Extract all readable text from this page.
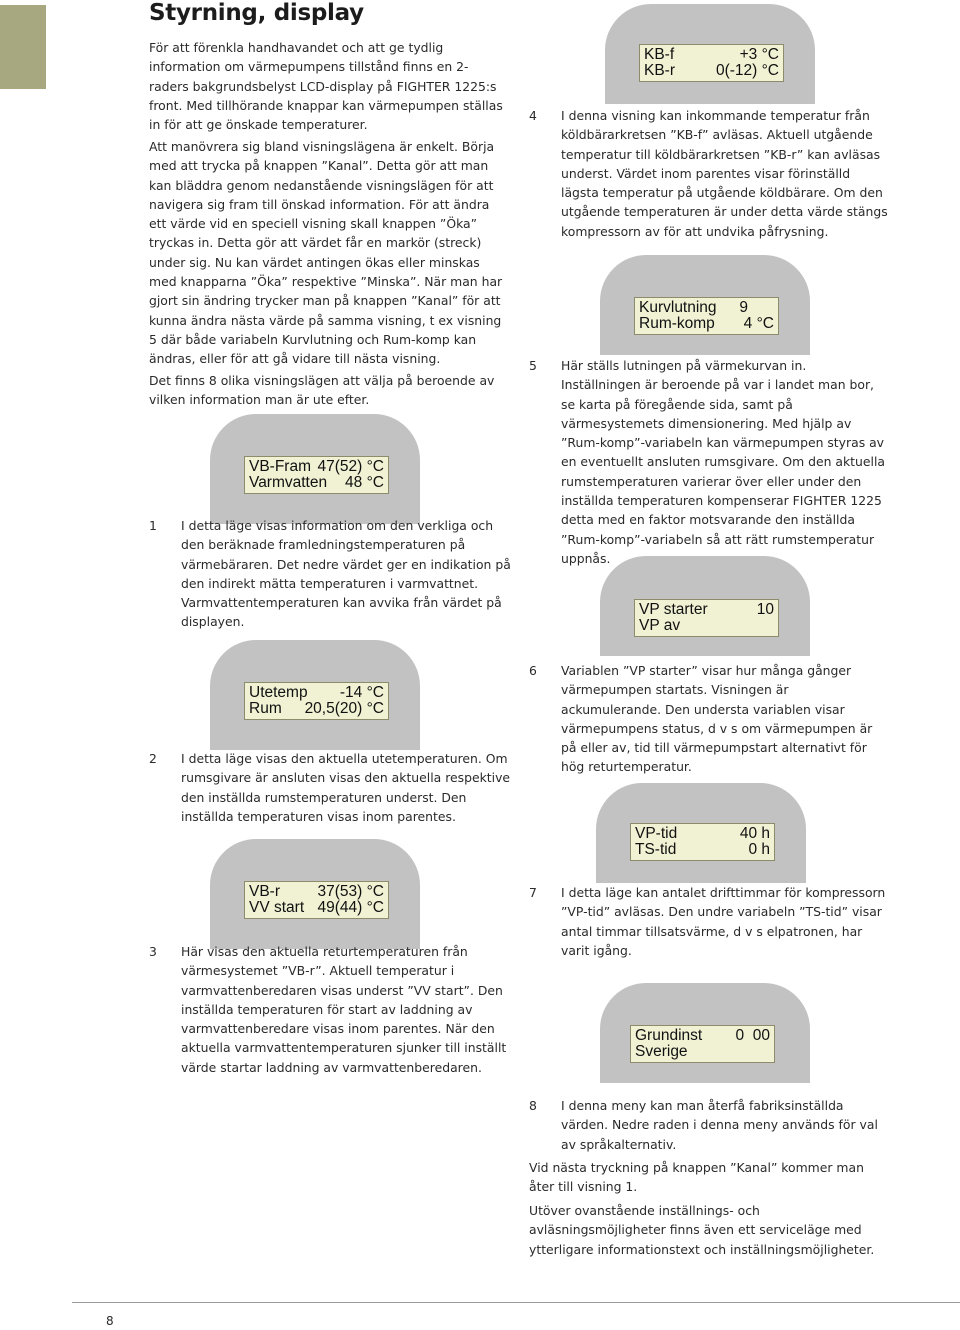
Styrning, display

För att förenkla handhavandet och att ge tydlig information om värmepumpens tillstånd finns en 2-raders bakgrundsbelyst LCD-display på FIGHTER 1225:s front. Med tillhörande knappar kan värmepumpen ställas in för att ge önskade temperaturer.

Att manövrera sig bland visningslägena är enkelt. Börja med att trycka på knappen ”Kanal”. Detta gör att man kan bläddra genom nedanstående visningslägen för att navigera sig fram till önskad information. För att ändra ett värde vid en speciell visning skall knappen ”Öka” tryckas in. Detta gör att värdet får en markör (streck) under sig. Nu kan värdet antingen ökas eller minskas med knapparna ”Öka” respektive ”Minska”. När man har gjort sin ändring trycker man på knappen ”Kanal” för att kunna ändra nästa värde på samma visning, t ex visning 5 där både variabeln Kurvlutning och Rum-komp kan ändras, eller för att gå vidare till nästa visning.

Det finns 8 olika visningslägen att välja på beroende av vilken information man är ute efter.

VB-Fram 47(52) °C
Varmvatten 48 °C
1 I detta läge visas information om den verkliga och den beräknade framledningstemperaturen på värmebäraren. Det nedre värdet ger en indikation på den indirekt mätta temperaturen i varmvattnet. Varmvattentemperaturen kan avvika från värdet på displayen.
Utetemp -14 °C
Rum 20,5(20) °C
2 I detta läge visas den aktuella utetemperaturen. Om rumsgivare är ansluten visas den aktuella respektive den inställda rumstemperaturen underst. Den inställda temperaturen visas inom parentes.
VB-r 37(53) °C
VV start 49(44) °C
3 Här visas den aktuella returtemperaturen från värmesystemet ”VB-r”. Aktuell temperatur i varmvattenberedaren visas underst ”VV start”. Den inställda temperaturen för start av laddning av varmvattenberedare visas inom parentes. När den aktuella varmvattentemperaturen sjunker till inställt värde startar laddning av varmvattenberedaren.
KB-f	+3 °C
KB-r	0(-12) °C
4 I denna visning kan inkommande temperatur från köldbärarkretsen ”KB-f” avläsas. Aktuell utgående temperatur till köldbärarkretsen ”KB-r” kan avläsas underst. Värdet inom parentes visar förinställd lägsta temperatur på utgående köldbärare. Om den utgående temperaturen är under detta värde stängs kompressorn av för att undvika påfrysning.
Kurvlutning 9
Rum-komp 4 °C
5 Här ställs lutningen på värmekurvan in. Inställningen är beroende på var i landet man bor, se karta på föregående sida, samt på värmesystemets dimensionering. Med hjälp av ”Rum-komp”-variabeln kan värmepumpen styras av en eventuellt ansluten rumsgivare. Om den aktuella rumstemperaturen varierar över eller under den inställda temperaturen kompenserar FIGHTER 1225 detta med en faktor motsvarande den inställda ”Rum-komp”-variabeln så att rätt rumstemperatur uppnås.
VP starter	10
VP av
6 Variablen ”VP starter” visar hur många gånger värmepumpen startats. Visningen är ackumulerande. Den understa variablen visar värmepumpens status, d v s om värmepumpen är på eller av, tid till värmepumpstart alternativt för hög returtemperatur.
VP-tid	40 h
TS-tid	0 h
7 I detta läge kan antalet drifttimmar för kompressorn ”VP-tid” avläsas. Den undre variabeln ”TS-tid” visar antal timmar tillsatsvärme, d v s elpatronen, har varit igång.
Grundinst 0  00
Sverige
8 I denna meny kan man återfå fabriksinställda värden. Nedre raden i denna meny används för val av språkalternativ.

Vid nästa tryckning på knappen ”Kanal” kommer man åter till visning 1.

Utöver ovanstående inställnings- och avläsningsmöjligheter finns även ett serviceläge med ytterligare informationstext och inställningsmöjligheter.

8
